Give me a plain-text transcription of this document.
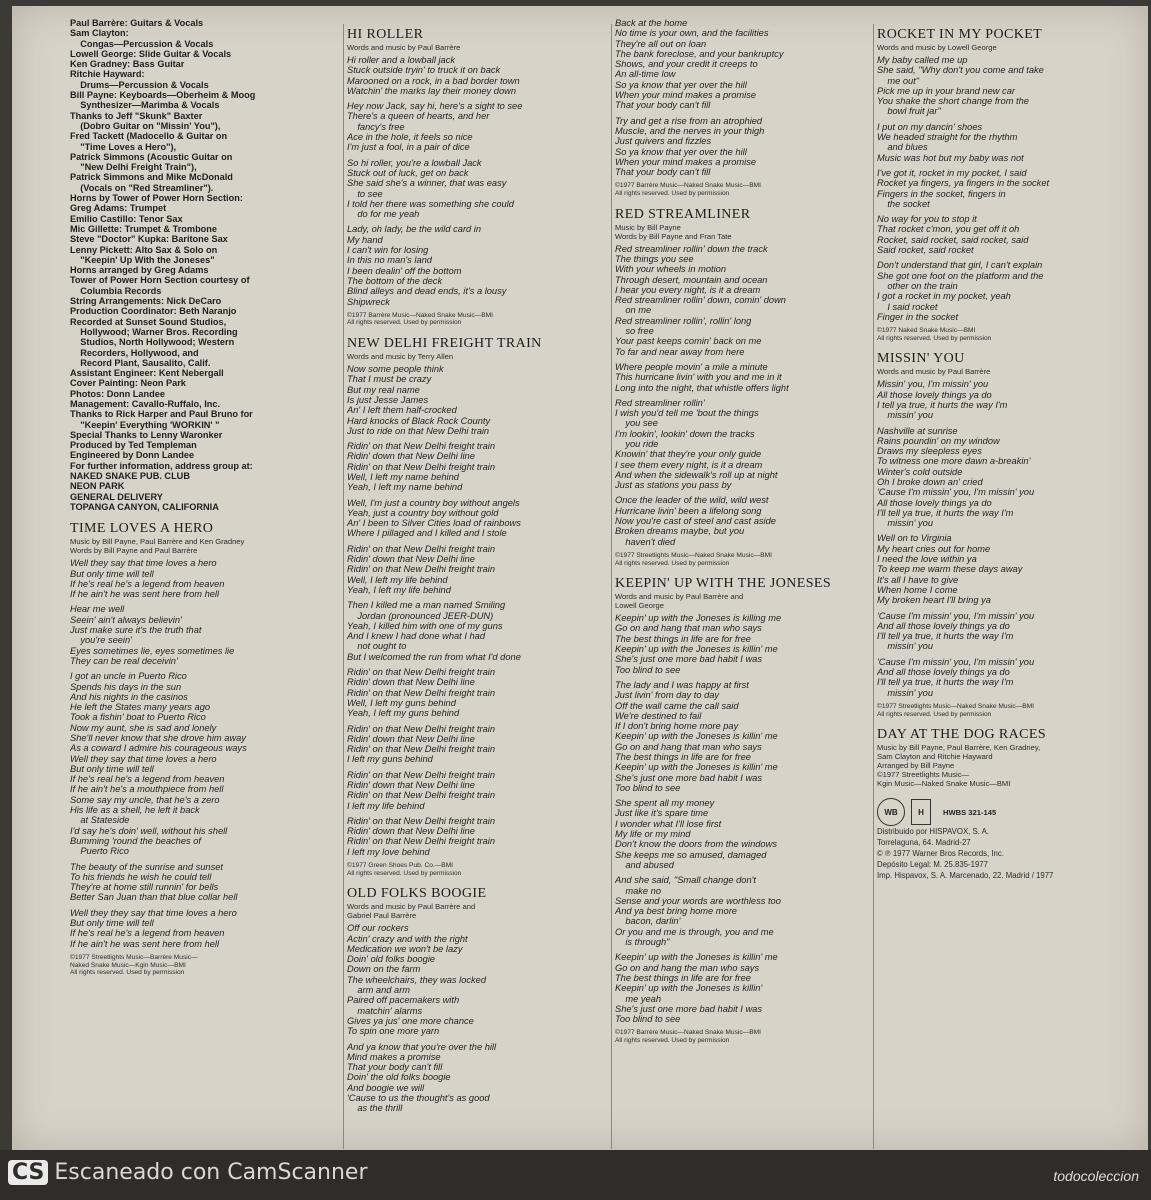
Paul Barrère: Guitars & Vocals
Sam Clayton:
Congas—Percussion & Vocals
Lowell George: Slide Guitar & Vocals
Ken Gradney: Bass Guitar
Ritchie Hayward:
Drums—Percussion & Vocals
Bill Payne: Keyboards—Oberheim & Moog
Synthesizer—Marimba & Vocals
Thanks to Jeff "Skunk" Baxter
(Dobro Guitar on "Missin' You"),
Fred Tackett (Madocello & Guitar on
"Time Loves a Hero"),
Patrick Simmons (Acoustic Guitar on
"New Delhi Freight Train"),
Patrick Simmons and Mike McDonald
(Vocals on "Red Streamliner").
Horns by Tower of Power Horn Section:
Greg Adams: Trumpet
Emilio Castillo: Tenor Sax
Mic Gillette: Trumpet & Trombone
Steve "Doctor" Kupka: Baritone Sax
Lenny Pickett: Alto Sax & Solo on
"Keepin' Up With the Joneses"
Horns arranged by Greg Adams
Tower of Power Horn Section courtesy of
Columbia Records
String Arrangements: Nick DeCaro
Production Coordinator: Beth Naranjo
Recorded at Sunset Sound Studios,
Hollywood; Warner Bros. Recording
Studios, North Hollywood; Western
Recorders, Hollywood, and
Record Plant, Sausalito, Calif.
Assistant Engineer: Kent Nebergall
Cover Painting: Neon Park
Photos: Donn Landee
Management: Cavallo-Ruffalo, Inc.
Thanks to Rick Harper and Paul Bruno for
"Keepin' Everything 'WORKIN' "
Special Thanks to Lenny Waronker
Produced by Ted Templeman
Engineered by Donn Landee
For further information, address group at:
NAKED SNAKE PUB. CLUB
NEON PARK
GENERAL DELIVERY
TOPANGA CANYON, CALIFORNIA
TIME LOVES A HERO
Music by Bill Payne, Paul Barrère and Ken Gradney
Words by Bill Payne and Paul Barrère
Well they say that time loves a hero
But only time will tell
If he's real he's a legend from heaven
If he ain't he was sent here from hell
Hear me well
Seein' ain't always believin'
Just make sure it's the truth that
you're seein'
Eyes sometimes lie, eyes sometimes lie
They can be real deceivin'
I got an uncle in Puerto Rico
Spends his days in the sun
And his nights in the casinos
He left the States many years ago
Took a fishin' boat to Puerto Rico
Now my aunt, she is sad and lonely
She'll never know that she drove him away
As a coward I admire his courageous ways
Well they say that time loves a hero
But only time will tell
If he's real he's a legend from heaven
If he ain't he's a mouthpiece from hell
Some say my uncle, that he's a zero
His life as a shell, he left it back
at Stateside
I'd say he's doin' well, without his shell
Bumming 'round the beaches of
Puerto Rico
The beauty of the sunrise and sunset
To his friends he wish he could tell
They're at home still runnin' for bells
Better San Juan than that blue collar hell
Well they they say that time loves a hero
But only time will tell
If he's real he's a legend from heaven
If he ain't he was sent here from hell
©1977 Streetlights Music—Barrère Music—
Naked Snake Music—Kgin Music—BMI
All rights reserved. Used by permission
HI ROLLER
Words and music by Paul Barrère
Hi roller and a lowball jack
Stuck outside tryin' to truck it on back
Marooned on a rock, in a bad border town
Watchin' the marks lay their money down
Hey now Jack, say hi, here's a sight to see
There's a queen of hearts, and her
fancy's free
Ace in the hole, it feels so nice
I'm just a fool, in a pair of dice
So hi roller, you're a lowball Jack
Stuck out of luck, get on back
She said she's a winner, that was easy
to see
I told her there was something she could
do for me yeah
Lady, oh lady, be the wild card in
My hand
I can't win for losing
In this no man's land
I been dealin' off the bottom
The bottom of the deck
Blind alleys and dead ends, it's a lousy
Shipwreck
©1977 Barrère Music—Naked Snake Music—BMI
All rights reserved. Used by permission
NEW DELHI FREIGHT TRAIN
Words and music by Terry Allen
Now some people think
That I must be crazy
But my real name
Is just Jesse James
An' I left them half-crocked
Hard knocks of Black Rock County
Just to ride on that New Delhi train
Ridin' on that New Delhi freight train
Ridin' down that New Delhi line
Ridin' on that New Delhi freight train
Well, I left my name behind
Yeah, I left my name behind
Well, I'm just a country boy without angels
Yeah, just a country boy without gold
An' I been to Silver Cities load of rainbows
Where I pillaged and I killed and I stole
Ridin' on that New Delhi freight train
Ridin' down that New Delhi line
Ridin' on that New Delhi freight train
Well, I left my life behind
Yeah, I left my life behind
Then I killed me a man named Smiling
Jordan (pronounced JEER-DUN)
Yeah, I killed him with one of my guns
And I knew I had done what I had
not ought to
But I welcomed the run from what I'd done
Ridin' on that New Delhi freight train
Ridin' down that New Delhi line
Ridin' on that New Delhi freight train
Well, I left my guns behind
Yeah, I left my guns behind
Ridin' on that New Delhi freight train
Ridin' down that New Delhi line
Ridin' on that New Delhi freight train
I left my guns behind
Ridin' on that New Delhi freight train
Ridin' down that New Delhi line
Ridin' on that New Delhi freight train
I left my life behind
Ridin' on that New Delhi freight train
Ridin' down that New Delhi line
Ridin' on that New Delhi freight train
I left my love behind
©1977 Green Shoes Pub. Co.—BMI
All rights reserved. Used by permission
OLD FOLKS BOOGIE
Words and music by Paul Barrère and
Gabriel Paul Barrère
Off our rockers
Actin' crazy and with the right
Medication we won't be lazy
Doin' old folks boogie
Down on the farm
The wheelchairs, they was locked
arm and arm
Paired off pacemakers with
matchin' alarms
Gives ya jus' one more chance
To spin one more yarn
And ya know that you're over the hill
Mind makes a promise
That your body can't fill
Doin' the old folks boogie
And boogie we will
'Cause to us the thought's as good
as the thrill
Back at the home
No time is your own, and the facilities
They're all out on loan
The bank foreclose, and your bankruptcy
Shows, and your credit it creeps to
An all-time low
So ya know that yer over the hill
When your mind makes a promise
That your body can't fill
Try and get a rise from an atrophied
Muscle, and the nerves in your thigh
Just quivers and fizzles
So ya know that yer over the hill
When your mind makes a promise
That your body can't fill
©1977 Barrère Music—Naked Snake Music—BMI
All rights reserved. Used by permission
RED STREAMLINER
Music by Bill Payne
Words by Bill Payne and Fran Tate
Red streamliner rollin' down the track
The things you see
With your wheels in motion
Through desert, mountain and ocean
I hear you every night, is it a dream
Red streamliner rollin' down, comin' down
on me
Red streamliner rollin', rollin' long
so free
Your past keeps comin' back on me
To far and near away from here
Where people movin' a mile a minute
This hurricane livin' with you and me in it
Long into the night, that whistle offers light
Red streamliner rollin'
I wish you'd tell me 'bout the things
you see
I'm lookin', lookin' down the tracks
you ride
Knowin' that they're your only guide
I see them every night, is it a dream
And when the sidewalk's roll up at night
Just as stations you pass by
Once the leader of the wild, wild west
Hurricane livin' been a lifelong song
Now you're cast of steel and cast aside
Broken dreams maybe, but you
haven't died
©1977 Streetlights Music—Naked Snake Music—BMI
All rights reserved. Used by permission
KEEPIN' UP WITH THE JONESES
Words and music by Paul Barrère and
Lowell George
Keepin' up with the Joneses is killing me
Go on and hang that man who says
The best things in life are for free
Keepin' up with the Joneses is killin' me
She's just one more bad habit I was
Too blind to see
The lady and I was happy at first
Just livin' from day to day
Off the wall came the call said
We're destined to fail
If I don't bring home more pay
Keepin' up with the Joneses is killin' me
Go on and hang that man who says
The best things in life are for free
Keepin' up with the Joneses is killin' me
She's just one more bad habit I was
Too blind to see
She spent all my money
Just like it's spare time
I wonder what I'll lose first
My life or my mind
Don't know the doors from the windows
She keeps me so amused, damaged
and abused
And she said, "Small change don't
make no
Sense and your words are worthless too
And ya best bring home more
bacon, darlin'
Or you and me is through, you and me
is through"
Keepin' up with the Joneses is killin' me
Go on and hang the man who says
The best things in life are for free
Keepin' up with the Joneses is killin'
me yeah
She's just one more bad habit I was
Too blind to see
©1977 Barrère Music—Naked Snake Music—BMI
All rights reserved. Used by permission
ROCKET IN MY POCKET
Words and music by Lowell George
My baby called me up
She said, "Why don't you come and take
me out"
Pick me up in your brand new car
You shake the short change from the
bowl fruit jar"
I put on my dancin' shoes
We headed straight for the rhythm
and blues
Music was hot but my baby was not
I've got it, rocket in my pocket, I said
Rocket ya fingers, ya fingers in the socket
Fingers in the socket, fingers in
the socket
No way for you to stop it
That rocket c'mon, you get off it oh
Rocket, said rocket, said rocket, said
Said rocket, said rocket
Don't understand that girl, I can't explain
She got one foot on the platform and the
other on the train
I got a rocket in my pocket, yeah
I said rocket
Finger in the socket
©1977 Naked Snake Music—BMI
All rights reserved. Used by permission
MISSIN' YOU
Words and music by Paul Barrère
Missin' you, I'm missin' you
All those lovely things ya do
I tell ya true, it hurts the way I'm
missin' you
Nashville at sunrise
Rains poundin' on my window
Draws my sleepless eyes
To witness one more dawn a-breakin'
Winter's cold outside
Oh I broke down an' cried
'Cause I'm missin' you, I'm missin' you
All those lovely things ya do
I'll tell ya true, it hurts the way I'm
missin' you
Well on to Virginia
My heart cries out for home
I need the love within ya
To keep me warm these days away
It's all I have to give
When home I come
My broken heart I'll bring ya
'Cause I'm missin' you, I'm missin' you
And all those lovely things ya do
I'll tell ya true, it hurts the way I'm
missin' you
'Cause I'm missin' you, I'm missin' you
And all those lovely things ya do
I'll tell ya true, it hurts the way I'm
missin' you
©1977 Streetlights Music—Naked Snake Music—BMI
All rights reserved. Used by permission
DAY AT THE DOG RACES
Music by Bill Payne, Paul Barrère, Ken Gradney,
Sam Clayton and Ritchie Hayward
Arranged by Bill Payne
©1977 Streetlights Music—
Kgin Music—Naked Snake Music—BMI
WB	H	HWBS 321-145
Distribuido por HISPAVOX, S. A.
Torrelaguna, 64. Madrid-27
© ℗ 1977 Warner Bros Records, Inc.
Depósito Legal: M. 25.835-1977
Imp. Hispavox, S. A. Marcenado, 22. Madrid / 1977
CS Escaneado con CamScanner	todocoleccion
